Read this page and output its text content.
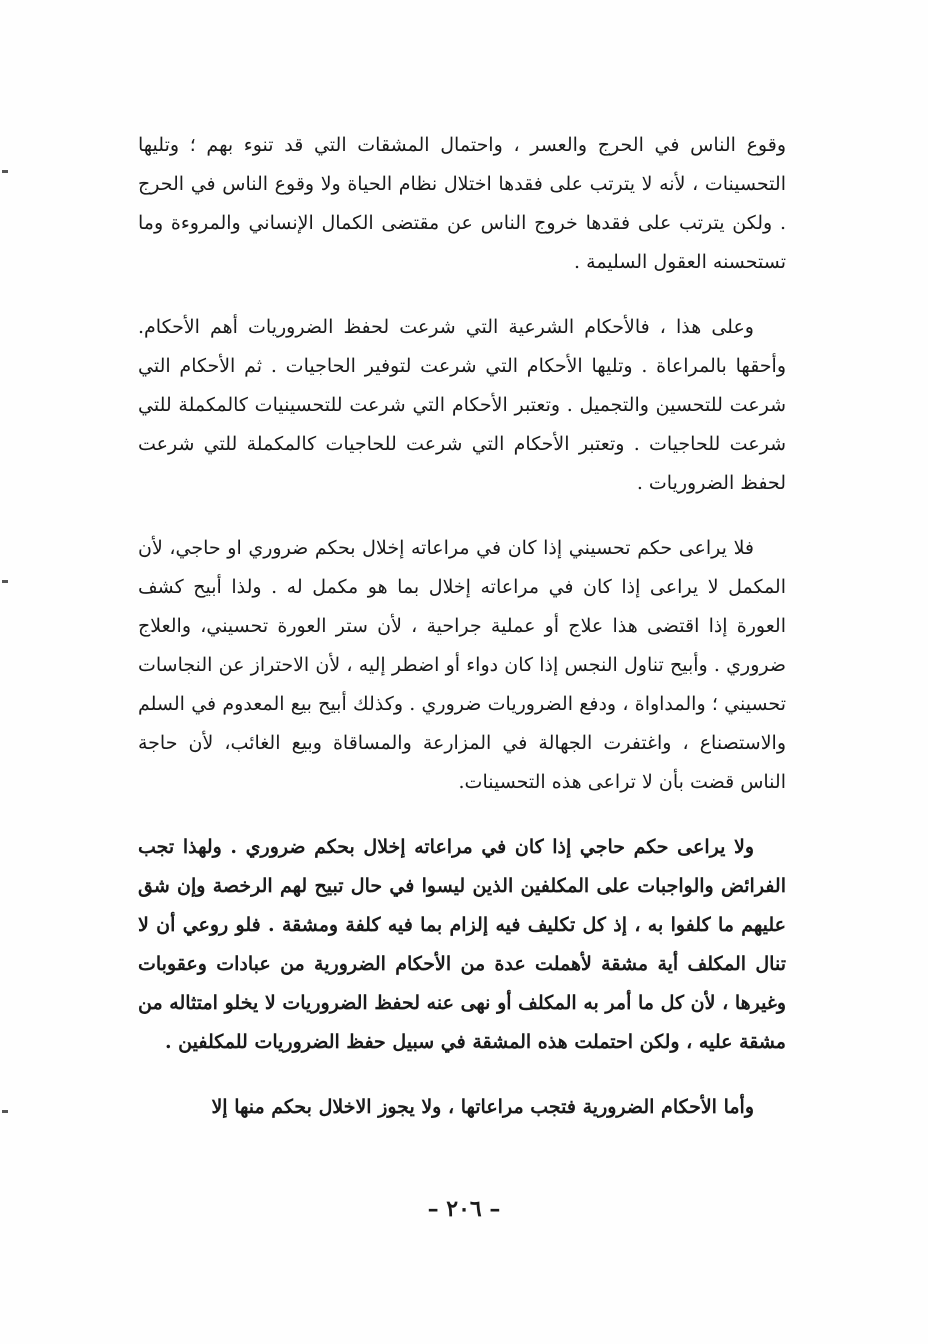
وقوع الناس في الحرج والعسر ، واحتمال المشقات التي قد تنوء بهم ؛ وتليها التحسينات ، لأنه لا يترتب على فقدها اختلال نظام الحياة ولا وقوع الناس في الحرج . ولكن يترتب على فقدها خروج الناس عن مقتضى الكمال الإنساني والمروءة وما تستحسنه العقول السليمة .

وعلى هذا ، فالأحكام الشرعية التي شرعت لحفظ الضروريات أهم الأحكام. وأحقها بالمراعاة . وتليها الأحكام التي شرعت لتوفير الحاجيات . ثم الأحكام التي شرعت للتحسين والتجميل . وتعتبر الأحكام التي شرعت للتحسينيات كالمكملة للتي شرعت للحاجيات . وتعتبر الأحكام التي شرعت للحاجيات كالمكملة للتي شرعت لحفظ الضروريات .

فلا يراعى حكم تحسيني إذا كان في مراعاته إخلال بحكم ضروري او حاجي، لأن المكمل لا يراعى إذا كان في مراعاته إخلال بما هو مكمل له . ولذا أبيح كشف العورة إذا اقتضى هذا علاج أو عملية جراحية ، لأن ستر العورة تحسيني، والعلاج ضروري . وأبيح تناول النجس إذا كان دواء أو اضطر إليه ، لأن الاحتراز عن النجاسات تحسيني ؛ والمداواة ، ودفع الضروريات ضروري . وكذلك أبيح بيع المعدوم في السلم والاستصناع ، واغتفرت الجهالة في المزارعة والمساقاة وبيع الغائب، لأن حاجة الناس قضت بأن لا تراعى هذه التحسينات.

ولا يراعى حكم حاجي إذا كان في مراعاته إخلال بحكم ضروري . ولهذا تجب الفرائض والواجبات على المكلفين الذين ليسوا في حال تبيح لهم الرخصة وإن شق عليهم ما كلفوا به ، إذ كل تكليف فيه إلزام بما فيه كلفة ومشقة . فلو روعي أن لا تنال المكلف أية مشقة لأهملت عدة من الأحكام الضرورية من عبادات وعقوبات وغيرها ، لأن كل ما أمر به المكلف أو نهى عنه لحفظ الضروريات لا يخلو امتثاله من مشقة عليه ، ولكن احتملت هذه المشقة في سبيل حفظ الضروريات للمكلفين .

وأما الأحكام الضرورية فتجب مراعاتها ، ولا يجوز الاخلال بحكم منها إلا

– ٢٠٦ –
